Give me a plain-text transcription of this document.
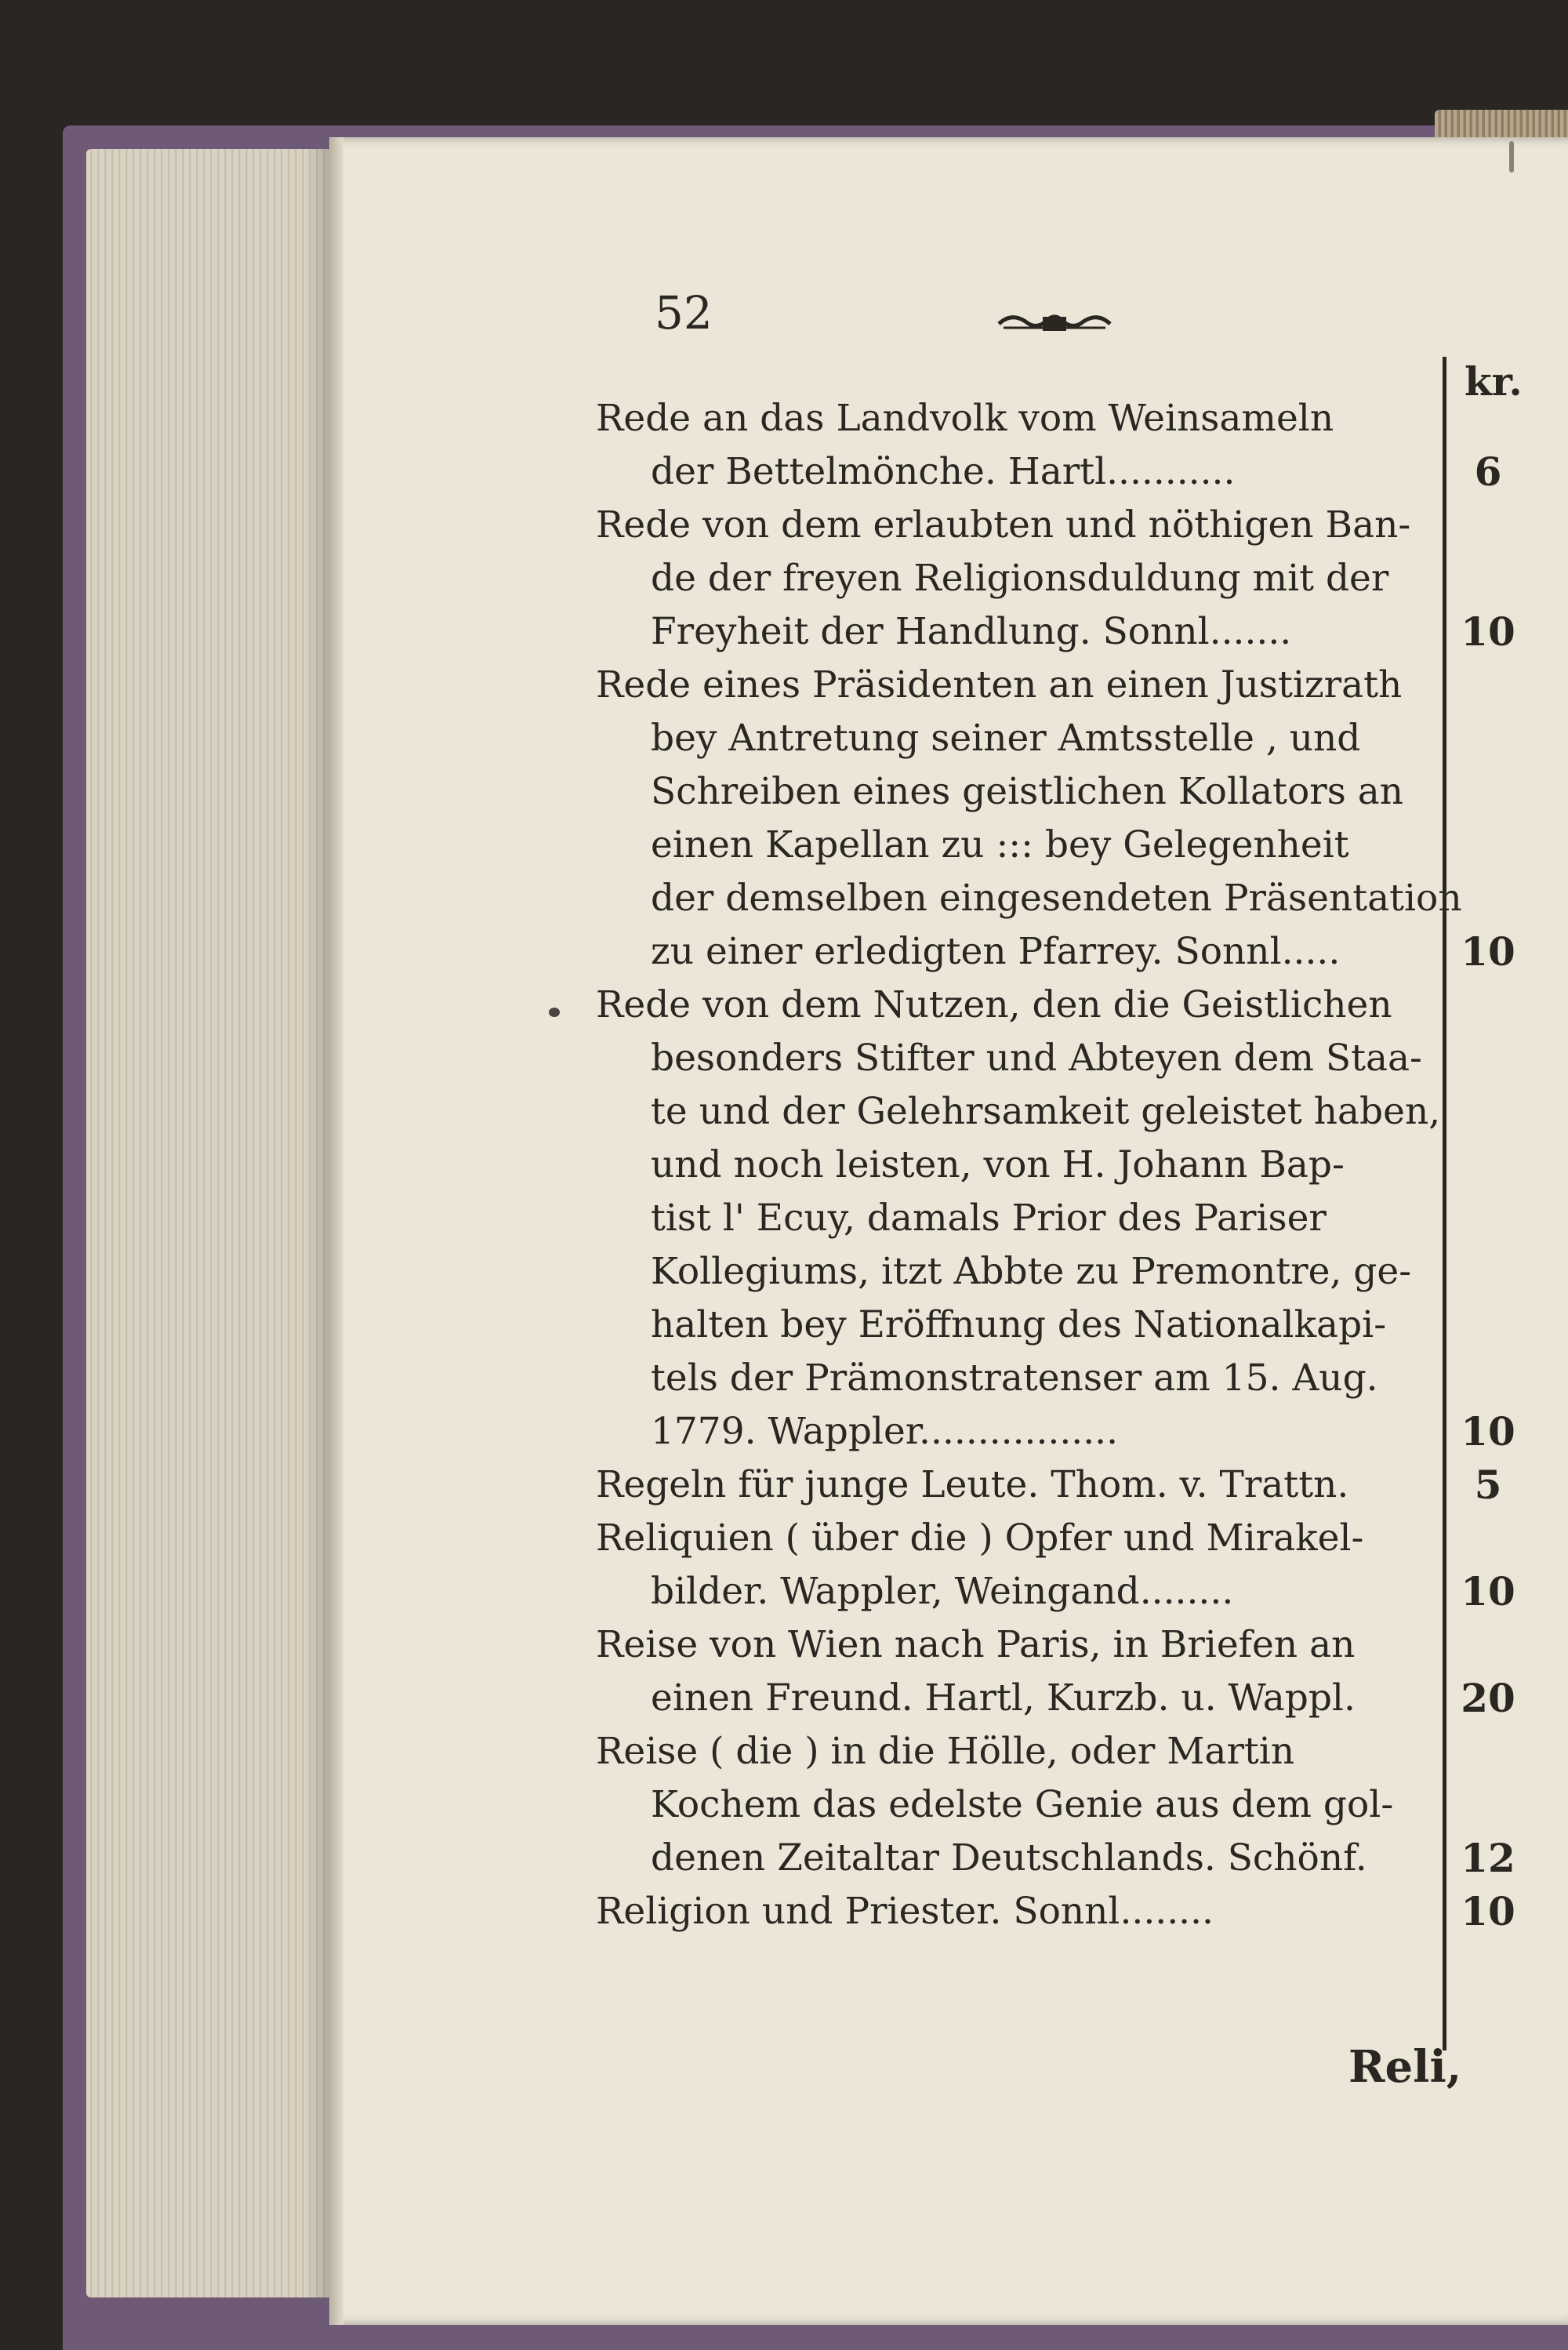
52
kr.
Rede an das Landvolk vom Weinsameln
der Bettelmönche. Hartl...........	6
Rede von dem erlaubten und nöthigen Ban-
de der freyen Religionsduldung mit der
Freyheit der Handlung. Sonnl.......	10
Rede eines Präsidenten an einen Justizrath
bey Antretung seiner Amtsstelle , und
Schreiben eines geistlichen Kollators an
einen Kapellan zu ::: bey Gelegenheit
der demselben eingesendeten Präsentation
zu einer erledigten Pfarrey. Sonnl.....	10
Rede von dem Nutzen, den die Geistlichen
besonders Stifter und Abteyen dem Staa-
te und der Gelehrsamkeit geleistet haben,
und noch leisten, von H. Johann Bap-
tist l' Ecuy, damals Prior des Pariser
Kollegiums, itzt Abbte zu Premontre, ge-
halten bey Eröffnung des Nationalkapi-
tels der Prämonstratenser am 15. Aug.
1779. Wappler.................	10
Regeln für junge Leute. Thom. v. Trattn.	5
Reliquien ( über die ) Opfer und Mirakel-
bilder. Wappler, Weingand........	10
Reise von Wien nach Paris, in Briefen an
einen Freund. Hartl, Kurzb. u. Wappl.	20
Reise ( die ) in die Hölle, oder Martin
Kochem das edelste Genie aus dem gol-
denen Zeitaltar Deutschlands. Schönf. 12
Religion und Priester. Sonnl........	10
Reli,
